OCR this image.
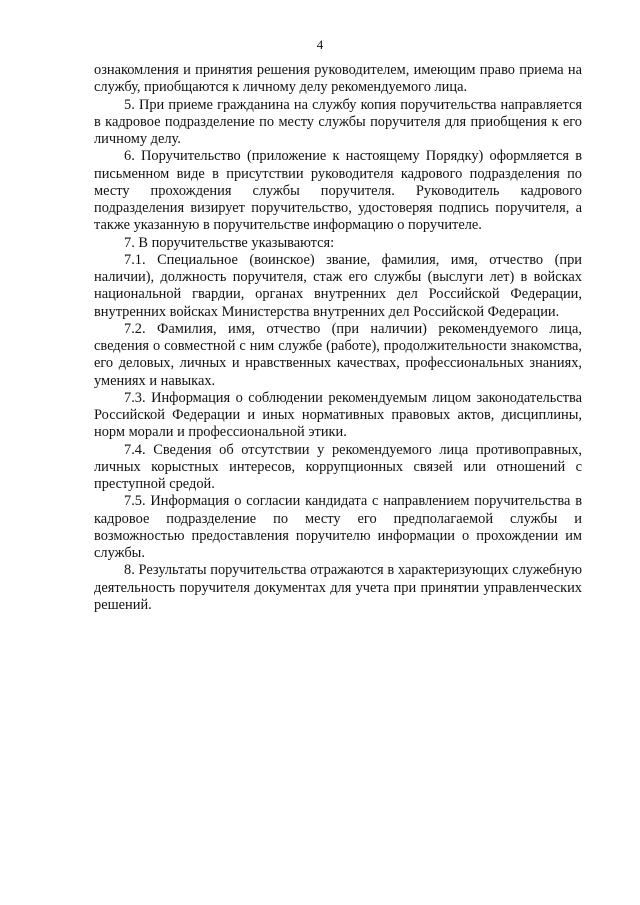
4

ознакомления и принятия решения руководителем, имеющим право приема на службу, приобщаются к личному делу рекомендуемого лица.

5. При приеме гражданина на службу копия поручительства направляется в кадровое подразделение по месту службы поручителя для приобщения к его личному делу.

6. Поручительство (приложение к настоящему Порядку) оформляется в письменном виде в присутствии руководителя кадрового подразделения по месту прохождения службы поручителя. Руководитель кадрового подразделения визирует поручительство, удостоверяя подпись поручителя, а также указанную в поручительстве информацию о поручителе.

7. В поручительстве указываются:

7.1. Специальное (воинское) звание, фамилия, имя, отчество (при наличии), должность поручителя, стаж его службы (выслуги лет) в войсках национальной гвардии, органах внутренних дел Российской Федерации, внутренних войсках Министерства внутренних дел Российской Федерации.

7.2. Фамилия, имя, отчество (при наличии) рекомендуемого лица, сведения о совместной с ним службе (работе), продолжительности знакомства, его деловых, личных и нравственных качествах, профессиональных знаниях, умениях и навыках.

7.3. Информация о соблюдении рекомендуемым лицом законодательства Российской Федерации и иных нормативных правовых актов, дисциплины, норм морали и профессиональной этики.

7.4. Сведения об отсутствии у рекомендуемого лица противоправных, личных корыстных интересов, коррупционных связей или отношений с преступной средой.

7.5. Информация о согласии кандидата с направлением поручительства в кадровое подразделение по месту его предполагаемой службы и возможностью предоставления поручителю информации о прохождении им службы.

8. Результаты поручительства отражаются в характеризующих служебную деятельность поручителя документах для учета при принятии управленческих решений.
